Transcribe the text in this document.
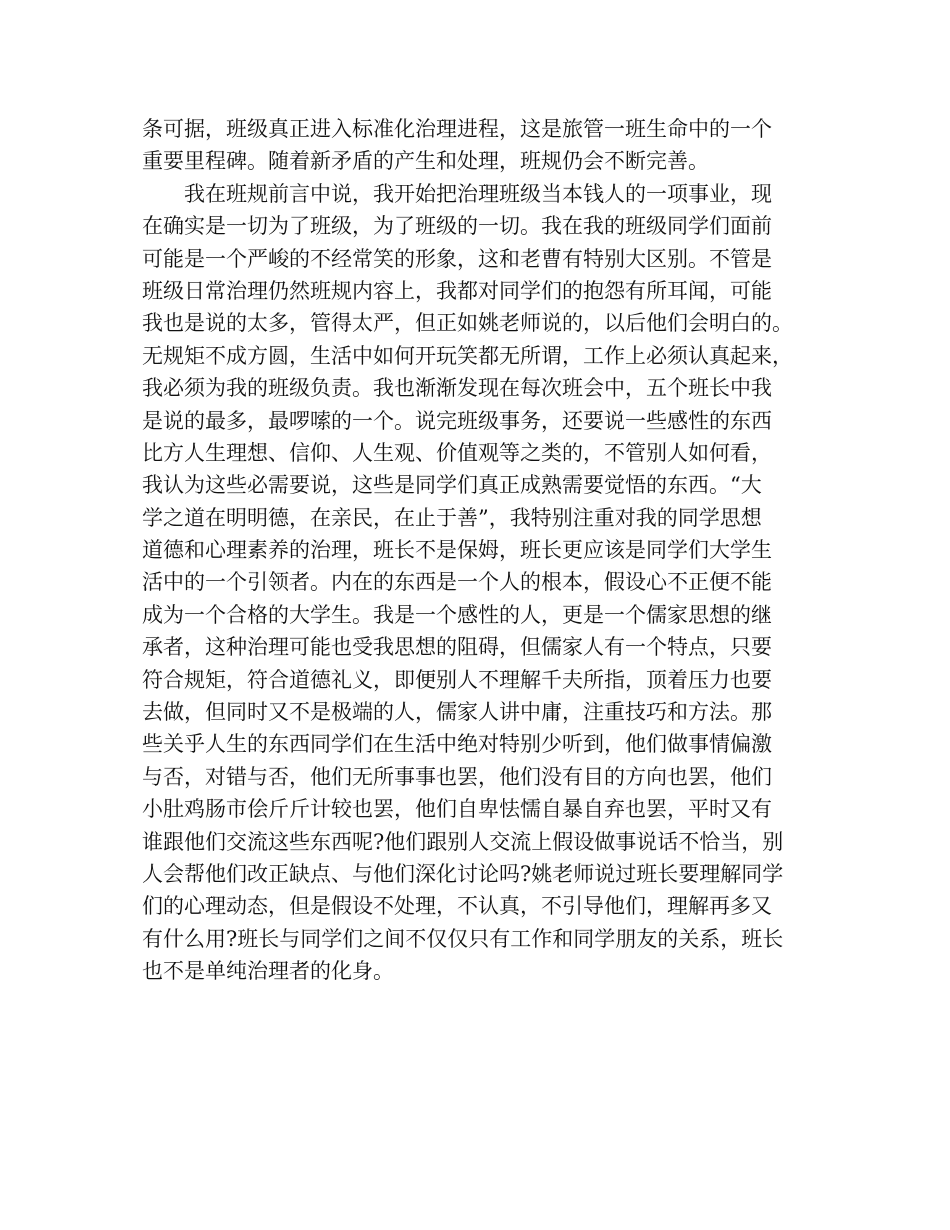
条可据，班级真正进入标准化治理进程，这是旅管一班生命中的一个
重要里程碑。随着新矛盾的产生和处理，班规仍会不断完善。
我在班规前言中说，我开始把治理班级当本钱人的一项事业，现
在确实是一切为了班级，为了班级的一切。我在我的班级同学们面前
可能是一个严峻的不经常笑的形象，这和老曹有特别大区别。不管是
班级日常治理仍然班规内容上，我都对同学们的抱怨有所耳闻，可能
我也是说的太多，管得太严，但正如姚老师说的，以后他们会明白的。
无规矩不成方圆，生活中如何开玩笑都无所谓，工作上必须认真起来，
我必须为我的班级负责。我也渐渐发现在每次班会中，五个班长中我
是说的最多，最啰嗦的一个。说完班级事务，还要说一些感性的东西
比方人生理想、信仰、人生观、价值观等之类的，不管别人如何看，
我认为这些必需要说，这些是同学们真正成熟需要觉悟的东西。“大
学之道在明明德，在亲民，在止于善”，我特别注重对我的同学思想
道德和心理素养的治理，班长不是保姆，班长更应该是同学们大学生
活中的一个引领者。内在的东西是一个人的根本，假设心不正便不能
成为一个合格的大学生。我是一个感性的人，更是一个儒家思想的继
承者，这种治理可能也受我思想的阻碍，但儒家人有一个特点，只要
符合规矩，符合道德礼义，即便别人不理解千夫所指，顶着压力也要
去做，但同时又不是极端的人，儒家人讲中庸，注重技巧和方法。那
些关乎人生的东西同学们在生活中绝对特别少听到，他们做事情偏激
与否，对错与否，他们无所事事也罢，他们没有目的方向也罢，他们
小肚鸡肠市侩斤斤计较也罢，他们自卑怯懦自暴自弃也罢，平时又有
谁跟他们交流这些东西呢?他们跟别人交流上假设做事说话不恰当，别
人会帮他们改正缺点、与他们深化讨论吗?姚老师说过班长要理解同学
们的心理动态，但是假设不处理，不认真，不引导他们，理解再多又
有什么用?班长与同学们之间不仅仅只有工作和同学朋友的关系，班长
也不是单纯治理者的化身。
